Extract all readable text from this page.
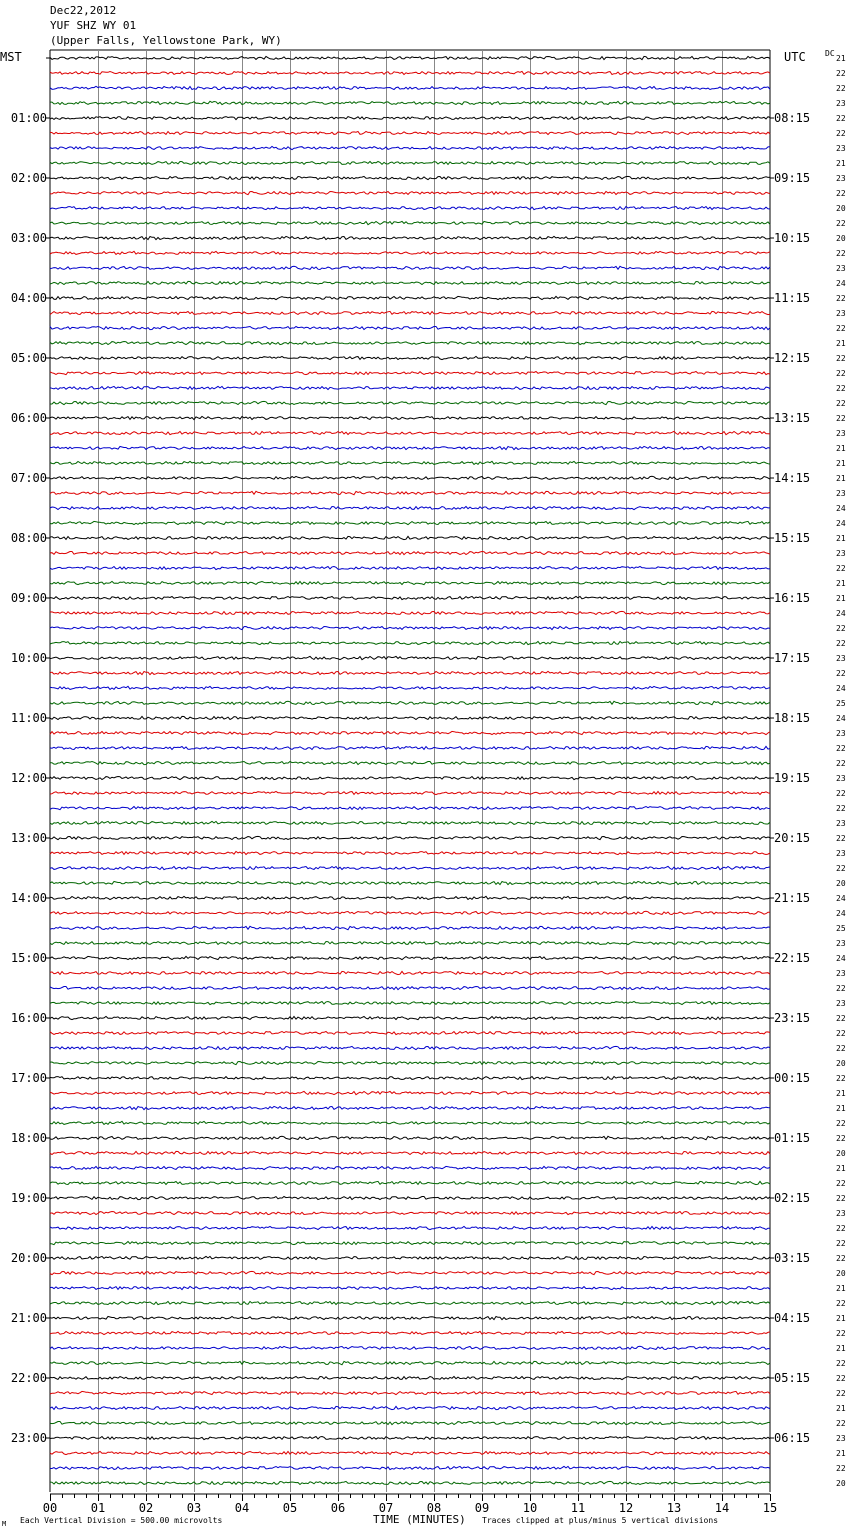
Dec22,2012
YUF SHZ WY 01
(Upper Falls, Yellowstone Park, WY)
MST	UTC DC
01:00
02:00
03:00
04:00
05:00
06:00
07:00
08:00
09:00
10:00
11:00
12:00
13:00
14:00
15:00
16:00
17:00
18:00
19:00
20:00
21:00
22:00
23:00
08:15
09:15
10:15
11:15
12:15
13:15
14:15
15:15
16:15
17:15
18:15
19:15
20:15
21:15
22:15
23:15
00:15
01:15
02:15
03:15
04:15
05:15
06:15
21
22
22
23
22
22
23
21
23
22
20
22
20
22
23
24
22
23
22
21
22
22
22
22
22
23
21
21
21
23
24
24
21
23
22
21
21
24
22
22
23
22
24
25
24
23
22
22
23
22
22
23
22
23
22
20
24
24
25
23
24
23
22
23
22
22
22
20
22
21
21
22
22
20
21
22
22
23
22
22
22
20
21
22
21
22
21
22
22
22
21
22
23
21
22
20
00	01	02	03	04	05	06	07	08	09	10	11	12	13	14	15
M Each Vertical Division = 500.00 microvolts	TIME (MINUTES) Traces clipped at plus/minus 5 vertical divisions
